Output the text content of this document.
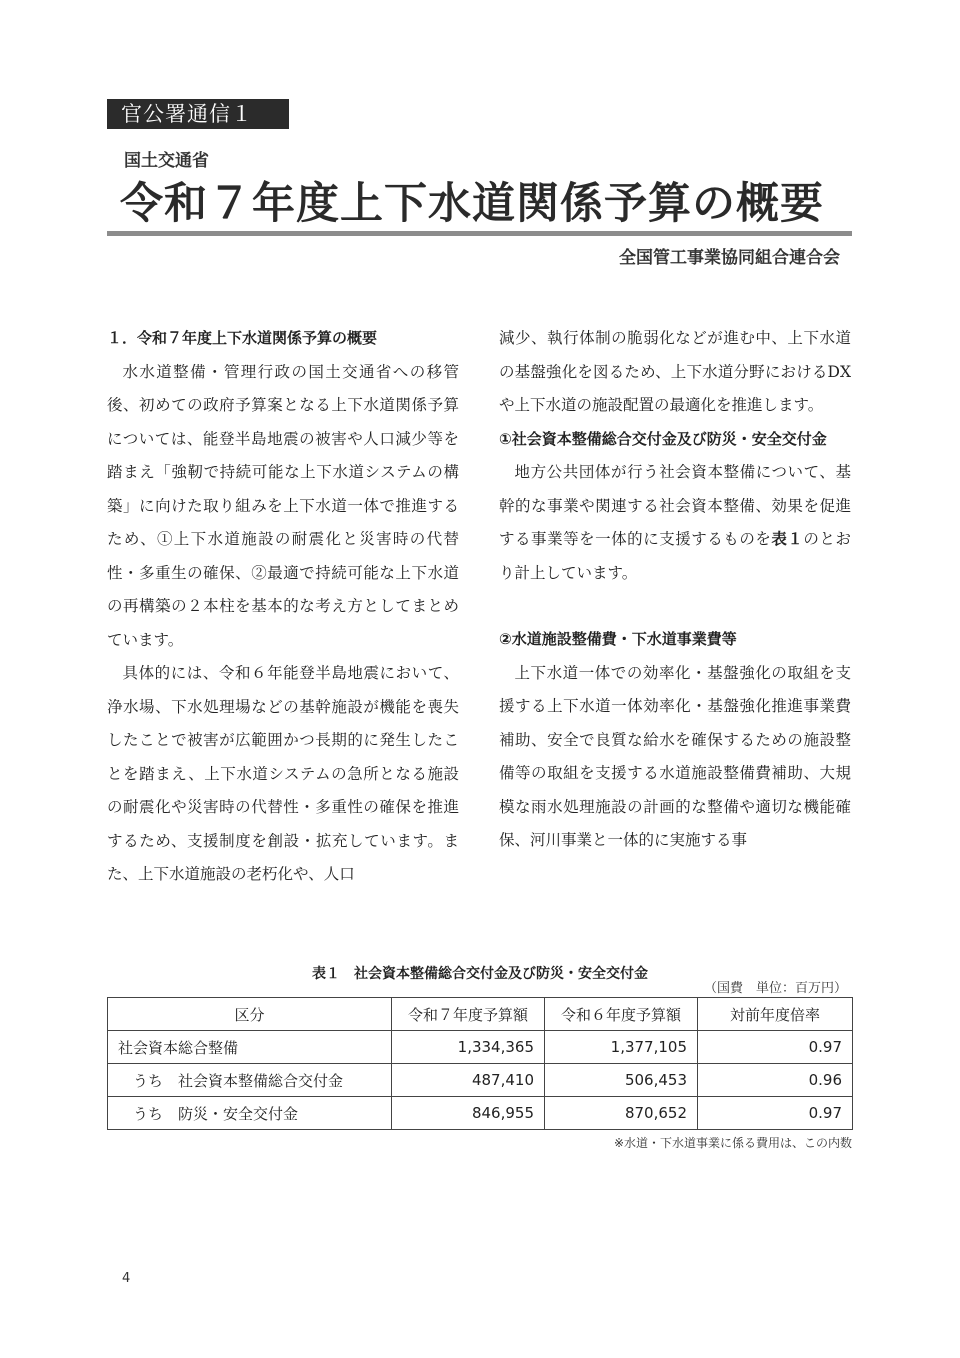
官公署通信１
国土交通省
令和７年度上下水道関係予算の概要
全国管工事業協同組合連合会

１．令和７年度上下水道関係予算の概要

水水道整備・管理行政の国土交通省への移管後、初めての政府予算案となる上下水道関係予算については、能登半島地震の被害や人口減少等を踏まえ「強靭で持続可能な上下水道システムの構築」に向けた取り組みを上下水道一体で推進するため、①上下水道施設の耐震化と災害時の代替性・多重生の確保、②最適で持続可能な上下水道の再構築の２本柱を基本的な考え方としてまとめています。

具体的には、令和６年能登半島地震において、浄水場、下水処理場などの基幹施設が機能を喪失したことで被害が広範囲かつ長期的に発生したことを踏まえ、上下水道システムの急所となる施設の耐震化や災害時の代替性・多重性の確保を推進するため、支援制度を創設・拡充しています。また、上下水道施設の老朽化や、人口

減少、執行体制の脆弱化などが進む中、上下水道の基盤強化を図るため、上下水道分野におけるDXや上下水道の施設配置の最適化を推進します。

①社会資本整備総合交付金及び防災・安全交付金

地方公共団体が行う社会資本整備について、基幹的な事業や関連する社会資本整備、効果を促進する事業等を一体的に支援するものを表１のとおり計上しています。

②水道施設整備費・下水道事業費等

上下水道一体での効率化・基盤強化の取組を支援する上下水道一体効率化・基盤強化推進事業費補助、安全で良質な給水を確保するための施設整備等の取組を支援する水道施設整備費補助、大規模な雨水処理施設の計画的な整備や適切な機能確保、河川事業と一体的に実施する事

表１　社会資本整備総合交付金及び防災・安全交付金
（国費　単位：百万円）
区分	令和７年度予算額	令和６年度予算額	対前年度倍率
社会資本総合整備	1,334,365	1,377,105	0.97
　うち　社会資本整備総合交付金	487,410	506,453	0.96
　うち　防災・安全交付金	846,955	870,652	0.97
※水道・下水道事業に係る費用は、この内数
4
